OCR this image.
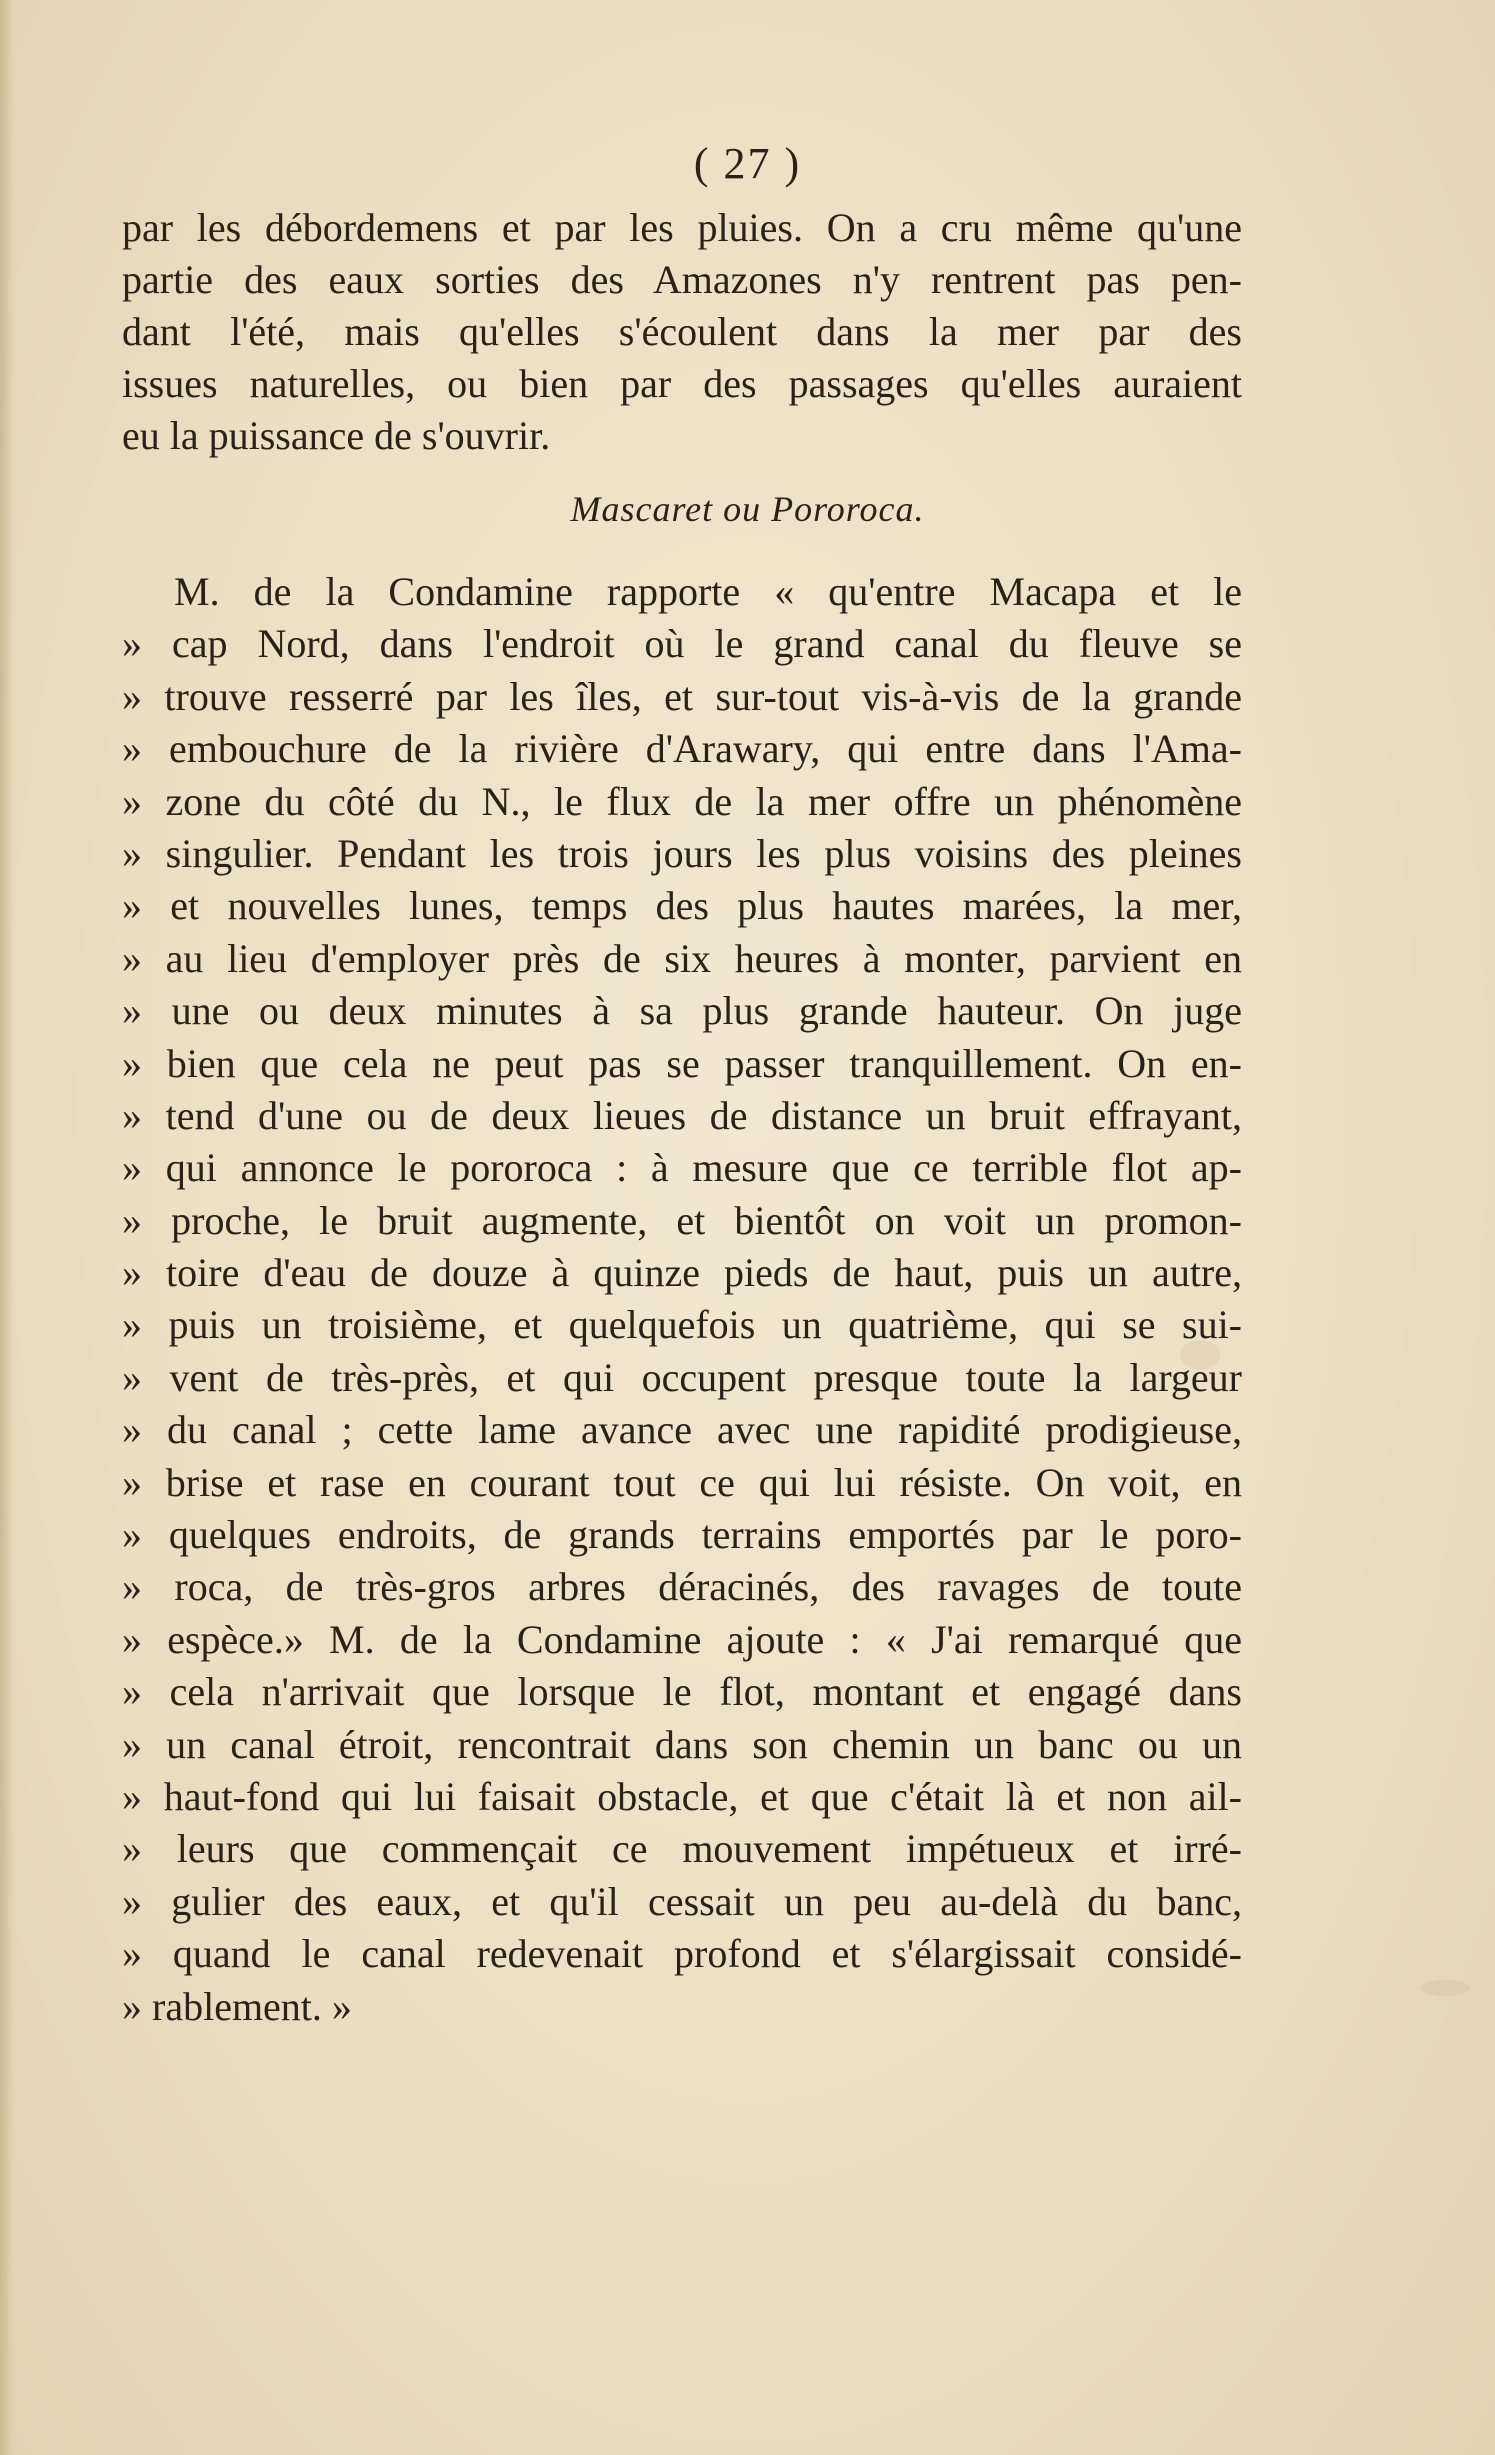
( 27 )
par les débordemens et par les pluies. On a cru même qu'une
partie des eaux sorties des Amazones n'y rentrent pas pen-
dant l'été, mais qu'elles s'écoulent dans la mer par des
issues naturelles, ou bien par des passages qu'elles auraient
eu la puissance de s'ouvrir.
Mascaret ou Pororoca.
M. de la Condamine rapporte « qu'entre Macapa et le
» cap Nord, dans l'endroit où le grand canal du fleuve se
» trouve resserré par les îles, et sur-tout vis-à-vis de la grande
» embouchure de la rivière d'Arawary, qui entre dans l'Ama-
» zone du côté du N., le flux de la mer offre un phénomène
» singulier. Pendant les trois jours les plus voisins des pleines
» et nouvelles lunes, temps des plus hautes marées, la mer,
» au lieu d'employer près de six heures à monter, parvient en
» une ou deux minutes à sa plus grande hauteur. On juge
» bien que cela ne peut pas se passer tranquillement. On en-
» tend d'une ou de deux lieues de distance un bruit effrayant,
» qui annonce le pororoca : à mesure que ce terrible flot ap-
» proche, le bruit augmente, et bientôt on voit un promon-
» toire d'eau de douze à quinze pieds de haut, puis un autre,
» puis un troisième, et quelquefois un quatrième, qui se sui-
» vent de très-près, et qui occupent presque toute la largeur
» du canal ; cette lame avance avec une rapidité prodigieuse,
» brise et rase en courant tout ce qui lui résiste. On voit, en
» quelques endroits, de grands terrains emportés par le poro-
» roca, de très-gros arbres déracinés, des ravages de toute
» espèce.» M. de la Condamine ajoute : « J'ai remarqué que
» cela n'arrivait que lorsque le flot, montant et engagé dans
» un canal étroit, rencontrait dans son chemin un banc ou un
» haut-fond qui lui faisait obstacle, et que c'était là et non ail-
» leurs que commençait ce mouvement impétueux et irré-
» gulier des eaux, et qu'il cessait un peu au-delà du banc,
» quand le canal redevenait profond et s'élargissait considé-
» rablement. »
